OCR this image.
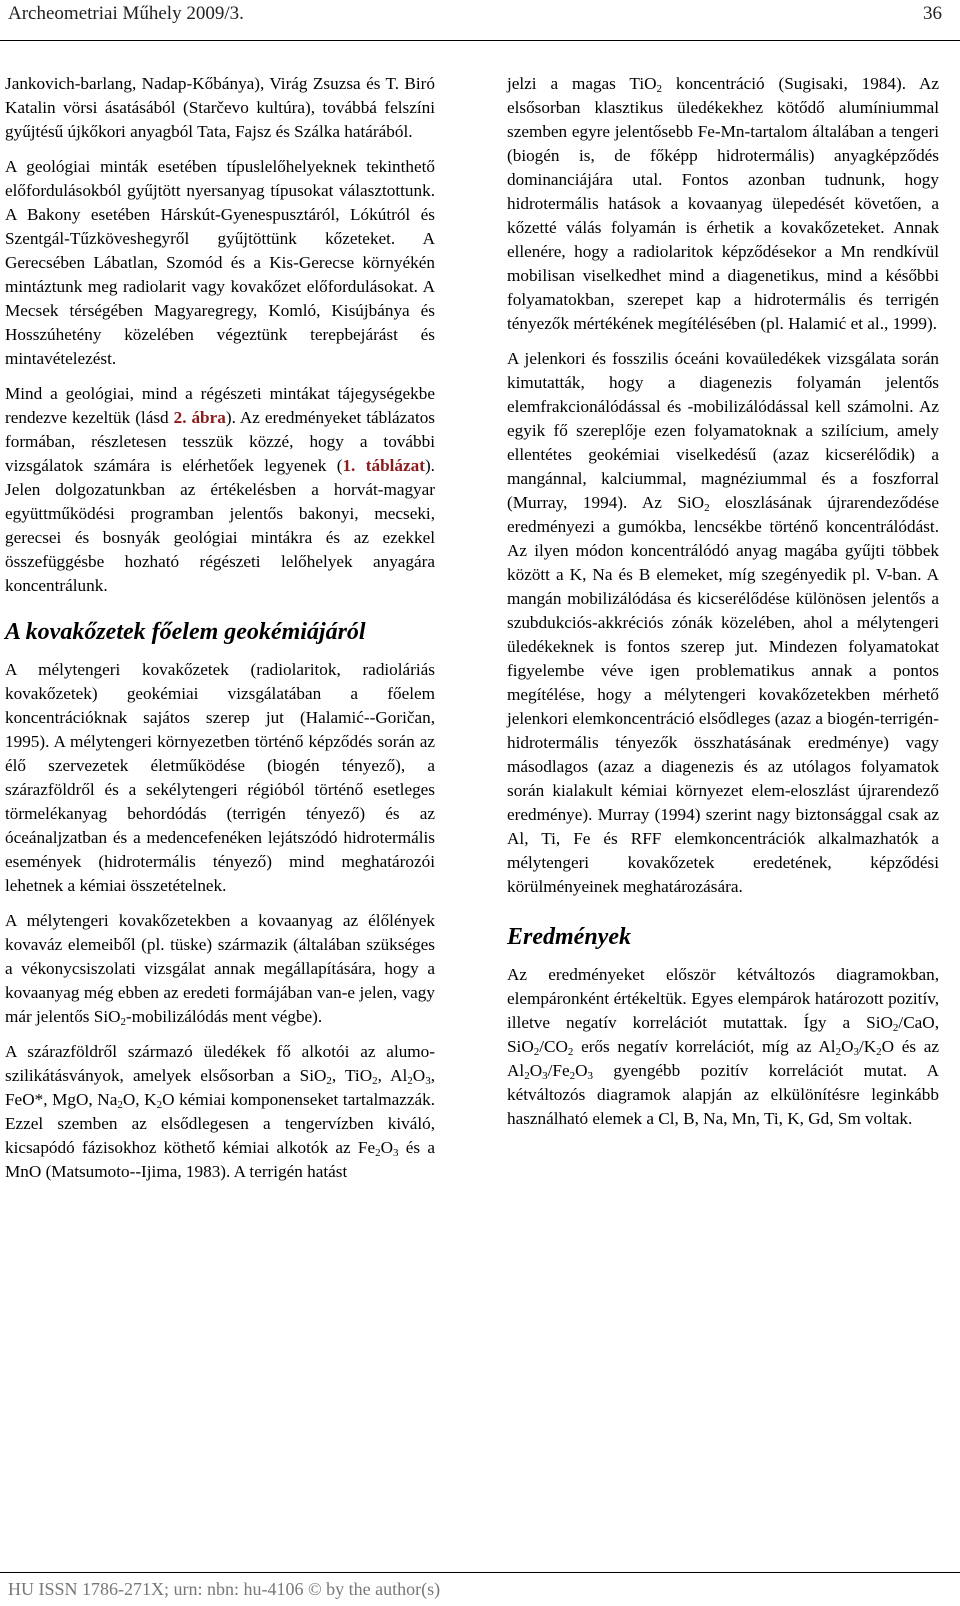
Archeometriai Műhely 2009/3.	36

Jankovich-barlang, Nadap-Kőbánya), Virág Zsuzsa és T. Biró Katalin vörsi ásatásából (Starčevo kultúra), továbbá felszíni gyűjtésű újkőkori anyagból Tata, Fajsz és Szálka határából.

A geológiai minták esetében típuslelőhelyeknek tekinthető előfordulásokból gyűjtött nyersanyag típusokat választottunk. A Bakony esetében Hárskút-Gyenespusztáról, Lókútról és Szentgál-Tűzköveshegyről gyűjtöttünk kőzeteket. A Gerecsében Lábatlan, Szomód és a Kis-Gerecse környékén mintáztunk meg radiolarit vagy kovakőzet előfordulásokat. A Mecsek térségében Magyaregregy, Komló, Kisújbánya és Hosszúhetény közelében végeztünk terepbejárást és mintavételezést.

Mind a geológiai, mind a régészeti mintákat tájegységekbe rendezve kezeltük (lásd 2. ábra). Az eredményeket táblázatos formában, részletesen tesszük közzé, hogy a további vizsgálatok számára is elérhetőek legyenek (1. táblázat). Jelen dolgozatunkban az értékelésben a horvát-magyar együttműködési programban jelentős bakonyi, mecseki, gerecsei és bosnyák geológiai mintákra és az ezekkel összefüggésbe hozható régészeti lelőhelyek anyagára koncentrálunk.

A kovakőzetek főelem geokémiájáról

A mélytengeri kovakőzetek (radiolaritok, radioláriás kovakőzetek) geokémiai vizsgálatában a főelem koncentrációknak sajátos szerep jut (Halamić--Goričan, 1995). A mélytengeri környezetben történő képződés során az élő szervezetek életműködése (biogén tényező), a szárazföldről és a sekélytengeri régióból történő esetleges törmelékanyag behordódás (terrigén tényező) és az óceánaljzatban és a medencefenéken lejátszódó hidrotermális események (hidrotermális tényező) mind meghatározói lehetnek a kémiai összetételnek.

A mélytengeri kovakőzetekben a kovaanyag az élőlények kovaváz elemeiből (pl. tüske) származik (általában szükséges a vékonycsiszolati vizsgálat annak megállapítására, hogy a kovaanyag még ebben az eredeti formájában van-e jelen, vagy már jelentős SiO$_2$-mobilizálódás ment végbe).

A szárazföldről származó üledékek fő alkotói az alumo-szilikátásványok, amelyek elsősorban a SiO$_2$, TiO$_2$, $Al_2O_3$, FeO*, MgO, $Na_2O$, $K_2O$ kémiai komponenseket tartalmazzák. Ezzel szemben az elsődlegesen a tengervízben kiváló, kicsapódó fázisokhoz köthető kémiai alkotók az $Fe_2O_3$ és a MnO (Matsumoto--Ijima, 1983). A terrigén hatást

jelzi a magas TiO$_2$ koncentráció (Sugisaki, 1984). Az elsősorban klasztikus üledékekhez kötődő alumíniummal szemben egyre jelentősebb Fe-Mn-tartalom általában a tengeri (biogén is, de főképp hidrotermális) anyagképződés dominanciájára utal. Fontos azonban tudnunk, hogy hidrotermális hatások a kovaanyag ülepedését követően, a kőzetté válás folyamán is érhetik a kovakőzeteket. Annak ellenére, hogy a radiolaritok képződésekor a Mn rendkívül mobilisan viselkedhet mind a diagenetikus, mind a későbbi folyamatokban, szerepet kap a hidrotermális és terrigén tényezők mértékének megítélésében (pl. Halamić et al., 1999).

A jelenkori és fosszilis óceáni kovaüledékek vizsgálata során kimutatták, hogy a diagenezis folyamán jelentős elemfrakcionálódással és -mobilizálódással kell számolni. Az egyik fő szereplője ezen folyamatoknak a szilícium, amely ellentétes geokémiai viselkedésű (azaz kicserélődik) a mangánnal, kalciummal, magnéziummal és a foszforral (Murray, 1994). Az SiO$_2$ eloszlásának újrarendeződése eredményezi a gumókba, lencsékbe történő koncentrálódást. Az ilyen módon koncentrálódó anyag magába gyűjti többek között a K, Na és B elemeket, míg szegényedik pl. V-ban. A mangán mobilizálódása és kicserélődése különösen jelentős a szubdukciós-akkréciós zónák közelében, ahol a mélytengeri üledékeknek is fontos szerep jut. Mindezen folyamatokat figyelembe véve igen problematikus annak a pontos megítélése, hogy a mélytengeri kovakőzetekben mérhető jelenkori elemkoncentráció elsődleges (azaz a biogén-terrigén-hidrotermális tényezők összhatásának eredménye) vagy másodlagos (azaz a diagenezis és az utólagos folyamatok során kialakult kémiai környezet elem-eloszlást újrarendező eredménye). Murray (1994) szerint nagy biztonsággal csak az Al, Ti, Fe és RFF elemkoncentrációk alkalmazhatók a mélytengeri kovakőzetek eredetének, képződési körülményeinek meghatározására.

Eredmények

Az eredményeket először kétváltozós diagramokban, elempáronként értékeltük. Egyes elempárok határozott pozitív, illetve negatív korrelációt mutattak. Így a SiO$_2$/CaO, $SiO_2/CO_2$ erős negatív korrelációt, míg az $Al_2O_3/K_2O$ és az $Al_2O_3/Fe_2O_3$ gyengébb pozitív korrelációt mutat. A kétváltozós diagramok alapján az elkülönítésre leginkább használható elemek a Cl, B, Na, Mn, Ti, K, Gd, Sm voltak.

HU ISSN 1786-271X; urn: nbn: hu-4106 © by the author(s)
